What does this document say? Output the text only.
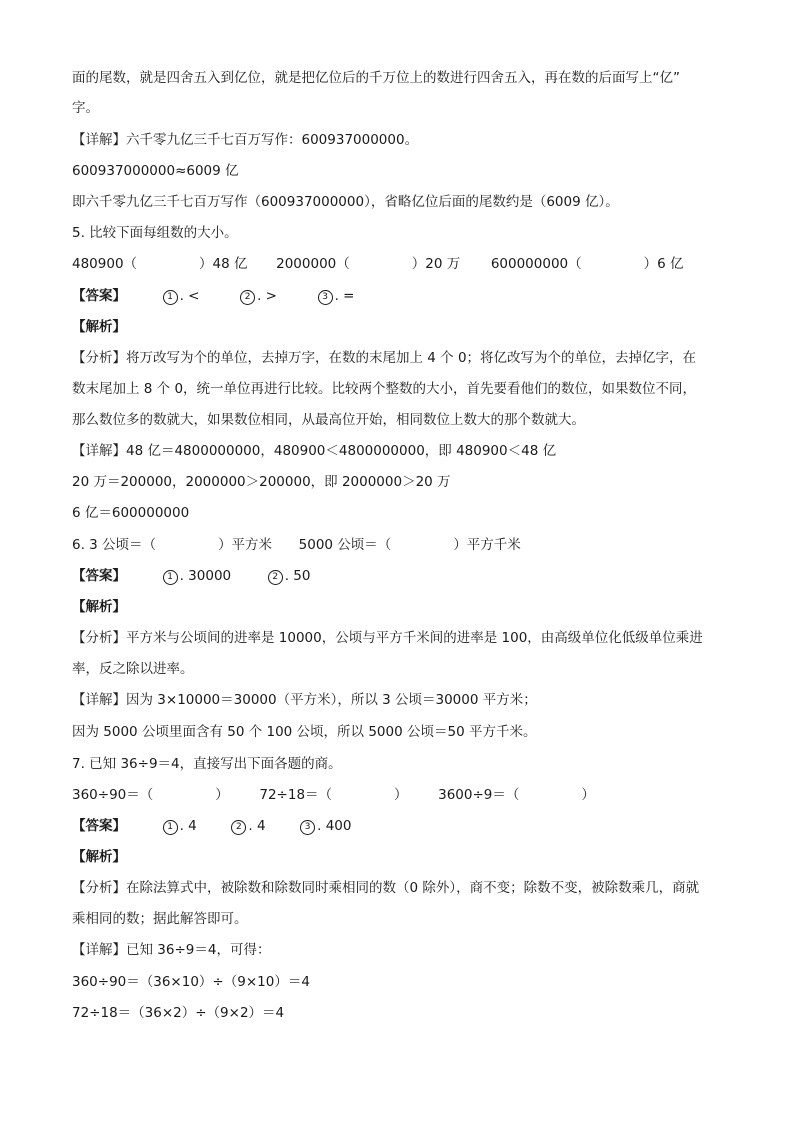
面的尾数，就是四舍五入到亿位，就是把亿位后的千万位上的数进行四舍五入，再在数的后面写上“亿”
字。
【详解】六千零九亿三千七百万写作：600937000000。
600937000000≈6009 亿
即六千零九亿三千七百万写作（600937000000），省略亿位后面的尾数约是（6009 亿）。
5. 比较下面每组数的大小。
480900（	）48 亿 2000000（	）20 万 600000000（	）6 亿
【答案】	1 . <	2 . >	3 . =
【解析】
【分析】将万改写为个的单位，去掉万字，在数的末尾加上 4 个 0；将亿改写为个的单位，去掉亿字，在
数末尾加上 8 个 0，统一单位再进行比较。比较两个整数的大小，首先要看他们的数位，如果数位不同，
那么数位多的数就大，如果数位相同，从最高位开始，相同数位上数大的那个数就大。
【详解】48 亿＝4800000000，480900＜4800000000，即 480900＜48 亿
20 万＝200000，2000000＞200000，即 2000000＞20 万
6 亿＝600000000
6. 3 公顷＝（	）平方米 5000 公顷＝（	）平方千米
【答案】	1 . 30000	2 . 50
【解析】
【分析】平方米与公顷间的进率是 10000，公顷与平方千米间的进率是 100，由高级单位化低级单位乘进
率，反之除以进率。
【详解】因为 3×10000＝30000（平方米），所以 3 公顷＝30000 平方米；
因为 5000 公顷里面含有 50 个 100 公顷，所以 5000 公顷＝50 平方千米。
7. 已知 36÷9＝4，直接写出下面各题的商。
360÷90＝（	） 72÷18＝（	） 3600÷9＝（	）
【答案】	1 . 4	2 . 4	3 . 400
【解析】
【分析】在除法算式中，被除数和除数同时乘相同的数（0 除外），商不变；除数不变，被除数乘几，商就
乘相同的数；据此解答即可。
【详解】已知 36÷9＝4，可得：
360÷90＝（36×10）÷（9×10）＝4
72÷18＝（36×2）÷（9×2）＝4
